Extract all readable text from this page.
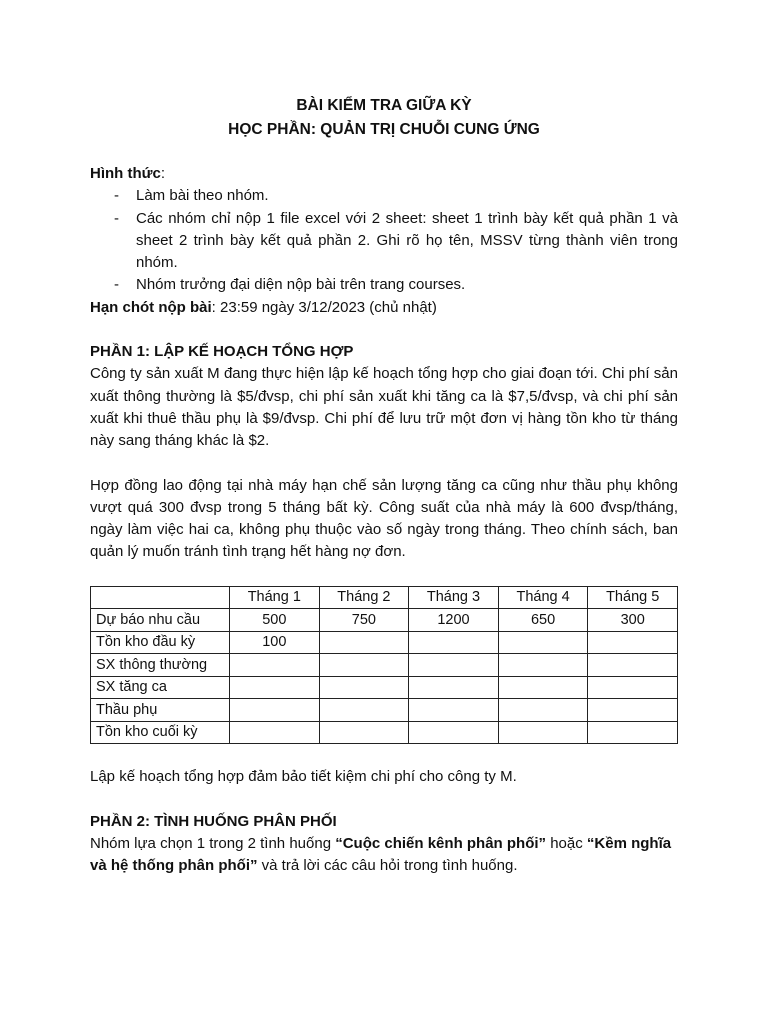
BÀI KIỂM TRA GIỮA KỲ

HỌC PHẦN: QUẢN TRỊ CHUỖI CUNG ỨNG

Hình thức:

- Làm bài theo nhóm.
- Các nhóm chỉ nộp 1 file excel với 2 sheet: sheet 1 trình bày kết quả phần 1 và sheet 2 trình bày kết quả phần 2. Ghi rõ họ tên, MSSV từng thành viên trong nhóm.
- Nhóm trưởng đại diện nộp bài trên trang courses.

Hạn chót nộp bài: 23:59 ngày 3/12/2023 (chủ nhật)

PHẦN 1: LẬP KẾ HOẠCH TỔNG HỢP

Công ty sản xuất M đang thực hiện lập kế hoạch tổng hợp cho giai đoạn tới. Chi phí sản xuất thông thường là $5/đvsp, chi phí sản xuất khi tăng ca là $7,5/đvsp, và chi phí sản xuất khi thuê thầu phụ là $9/đvsp. Chi phí để lưu trữ một đơn vị hàng tồn kho từ tháng này sang tháng khác là $2.

Hợp đồng lao động tại nhà máy hạn chế sản lượng tăng ca cũng như thầu phụ không vượt quá 300 đvsp trong 5 tháng bất kỳ. Công suất của nhà máy là 600 đvsp/tháng, ngày làm việc hai ca, không phụ thuộc vào số ngày trong tháng. Theo chính sách, ban quản lý muốn tránh tình trạng hết hàng nợ đơn.

	Tháng 1	Tháng 2	Tháng 3	Tháng 4	Tháng 5
Dự báo nhu cầu	500	750	1200	650	300
Tồn kho đầu kỳ	100				
SX thông thường					
SX tăng ca					
Thầu phụ					
Tồn kho cuối kỳ					

Lập kế hoạch tổng hợp đảm bảo tiết kiệm chi phí cho công ty M.

PHẦN 2: TÌNH HUỐNG PHÂN PHỐI

Nhóm lựa chọn 1 trong 2 tình huống “Cuộc chiến kênh phân phối” hoặc “Kềm nghĩa và hệ thống phân phối” và trả lời các câu hỏi trong tình huống.
